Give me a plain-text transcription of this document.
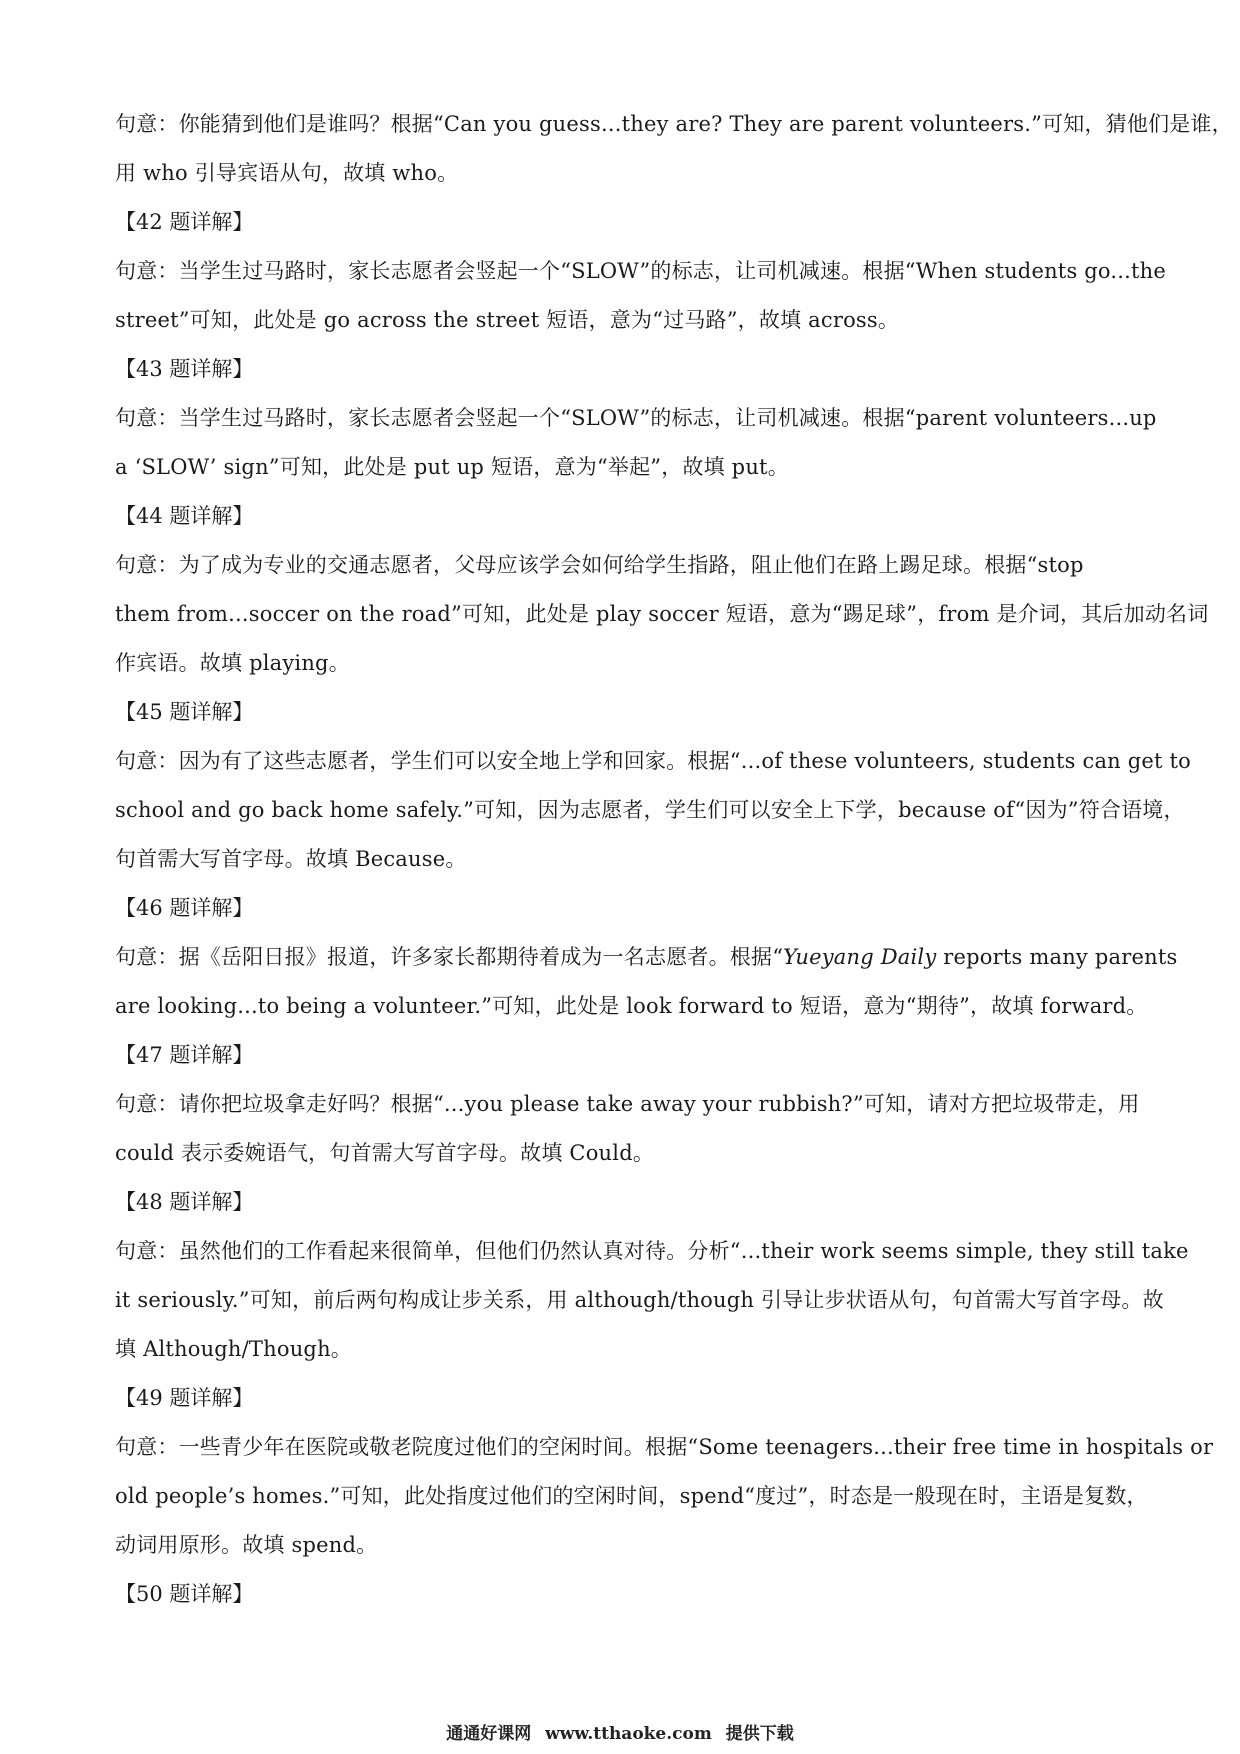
句意：你能猜到他们是谁吗？根据“Can you guess...they are? They are parent volunteers.”可知，猜他们是谁，
用 who 引导宾语从句，故填 who。
【42 题详解】
句意：当学生过马路时，家长志愿者会竖起一个“SLOW”的标志，让司机减速。根据“When students go...the
street”可知，此处是 go across the street 短语，意为“过马路”，故填 across。
【43 题详解】
句意：当学生过马路时，家长志愿者会竖起一个“SLOW”的标志，让司机减速。根据“parent volunteers...up
a ‘SLOW’ sign”可知，此处是 put up 短语，意为“举起”，故填 put。
【44 题详解】
句意：为了成为专业的交通志愿者，父母应该学会如何给学生指路，阻止他们在路上踢足球。根据“stop
them from...soccer on the road”可知，此处是 play soccer 短语，意为“踢足球”，from 是介词，其后加动名词
作宾语。故填 playing。
【45 题详解】
句意：因为有了这些志愿者，学生们可以安全地上学和回家。根据“...of these volunteers, students can get to
school and go back home safely.”可知，因为志愿者，学生们可以安全上下学，because of“因为”符合语境，
句首需大写首字母。故填 Because。
【46 题详解】
句意：据《岳阳日报》报道，许多家长都期待着成为一名志愿者。根据“Yueyang Daily reports many parents
are looking...to being a volunteer.”可知，此处是 look forward to 短语，意为“期待”，故填 forward。
【47 题详解】
句意：请你把垃圾拿走好吗？根据“...you please take away your rubbish?”可知，请对方把垃圾带走，用
could 表示委婉语气，句首需大写首字母。故填 Could。
【48 题详解】
句意：虽然他们的工作看起来很简单，但他们仍然认真对待。分析“...their work seems simple, they still take
it seriously.”可知，前后两句构成让步关系，用 although/though 引导让步状语从句，句首需大写首字母。故
填 Although/Though。
【49 题详解】
句意：一些青少年在医院或敬老院度过他们的空闲时间。根据“Some teenagers...their free time in hospitals or
old people’s homes.”可知，此处指度过他们的空闲时间，spend“度过”，时态是一般现在时，主语是复数，
动词用原形。故填 spend。
【50 题详解】
通通好课网 www.tthaoke.com 提供下载
